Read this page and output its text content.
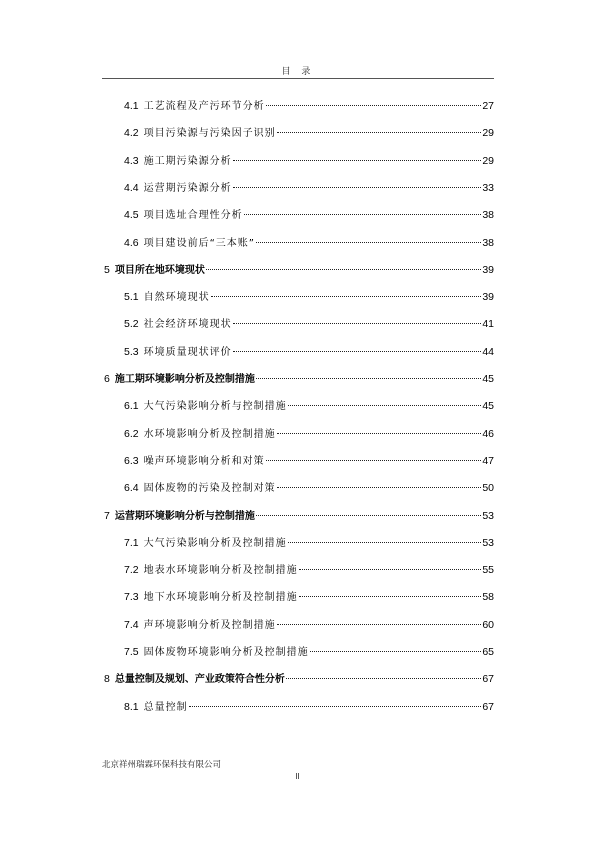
目 录
4.1 工艺流程及产污环节分析	27
4.2 项目污染源与污染因子识别	29
4.3 施工期污染源分析	29
4.4 运营期污染源分析	33
4.5 项目选址合理性分析	38
4.6 项目建设前后“三本账”	38
5 项目所在地环境现状	39
5.1 自然环境现状	39
5.2 社会经济环境现状	41
5.3 环境质量现状评价	44
6 施工期环境影响分析及控制措施	45
6.1 大气污染影响分析与控制措施	45
6.2 水环境影响分析及控制措施	46
6.3 噪声环境影响分析和对策	47
6.4 固体废物的污染及控制对策	50
7 运营期环境影响分析与控制措施	53
7.1 大气污染影响分析及控制措施	53
7.2 地表水环境影响分析及控制措施	55
7.3 地下水环境影响分析及控制措施	58
7.4 声环境影响分析及控制措施	60
7.5 固体废物环境影响分析及控制措施	65
8 总量控制及规划、产业政策符合性分析	67
8.1 总量控制	67
北京祥州瑞霖环保科技有限公司
II
